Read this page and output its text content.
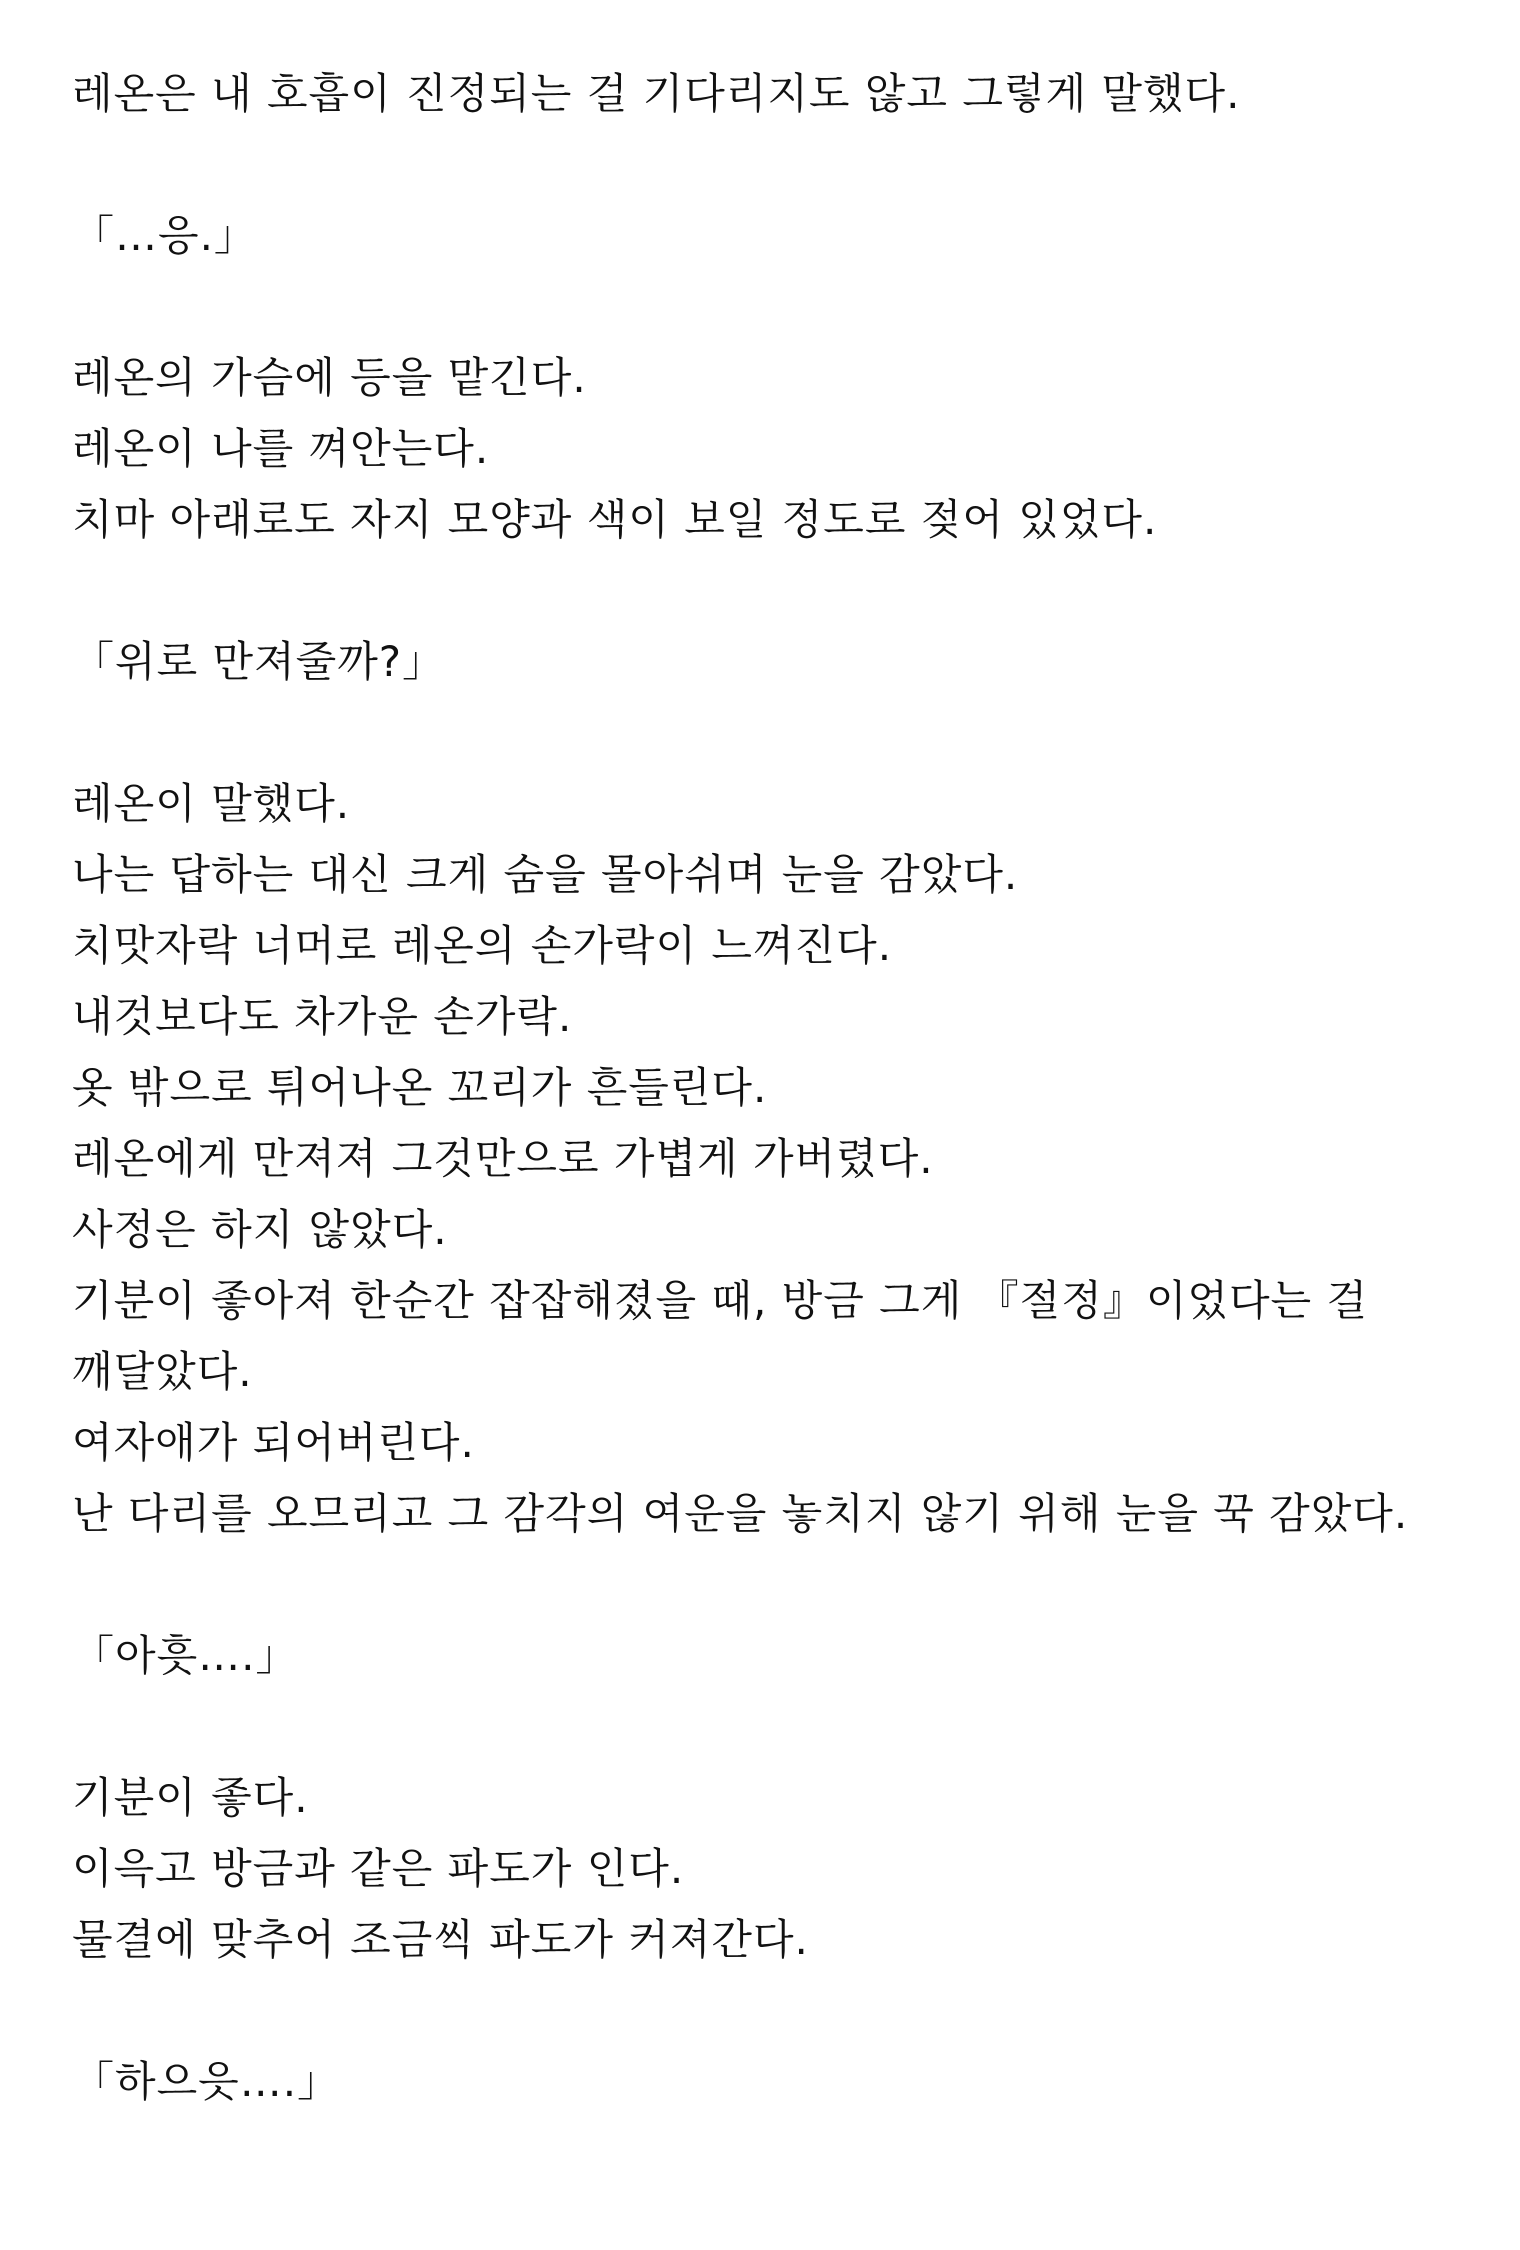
레온은 내 호흡이 진정되는 걸 기다리지도 않고 그렇게 말했다.
「…응.」
레온의 가슴에 등을 맡긴다.
레온이 나를 껴안는다.
치마 아래로도 자지 모양과 색이 보일 정도로 젖어 있었다.
「위로 만져줄까?」
레온이 말했다.
나는 답하는 대신 크게 숨을 몰아쉬며 눈을 감았다.
치맛자락 너머로 레온의 손가락이 느껴진다.
내것보다도 차가운 손가락.
옷 밖으로 튀어나온 꼬리가 흔들린다.
레온에게 만져져 그것만으로 가볍게 가버렸다.
사정은 하지 않았다.
기분이 좋아져 한순간 잡잡해졌을 때, 방금 그게 『절정』이었다는 걸
깨달았다.
여자애가 되어버린다.
난 다리를 오므리고 그 감각의 여운을 놓치지 않기 위해 눈을 꾹 감았다.
「아흣….」
기분이 좋다.
이윽고 방금과 같은 파도가 인다.
물결에 맞추어 조금씩 파도가 커져간다.
「하으읏….」
